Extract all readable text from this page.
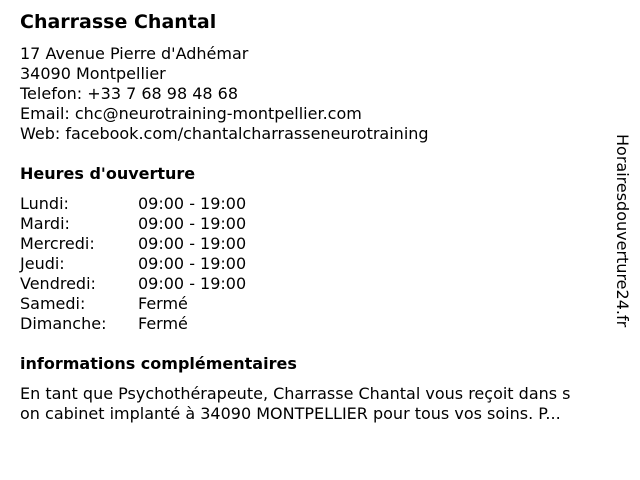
Charrasse Chantal
17 Avenue Pierre d'Adhémar
34090 Montpellier
Telefon: +33 7 68 98 48 68
Email: chc@neurotraining-montpellier.com
Web: facebook.com/chantalcharrasseneurotraining
Heures d'ouverture
Lundi:	09:00 - 19:00
Mardi:	09:00 - 19:00
Mercredi:	09:00 - 19:00
Jeudi:	09:00 - 19:00
Vendredi:	09:00 - 19:00
Samedi:	Fermé
Dimanche:	Fermé
informations complémentaires
En tant que Psychothérapeute, Charrasse Chantal vous reçoit dans s
on cabinet implanté à 34090 MONTPELLIER pour tous vos soins. P...
Horairesdouverture24.fr
